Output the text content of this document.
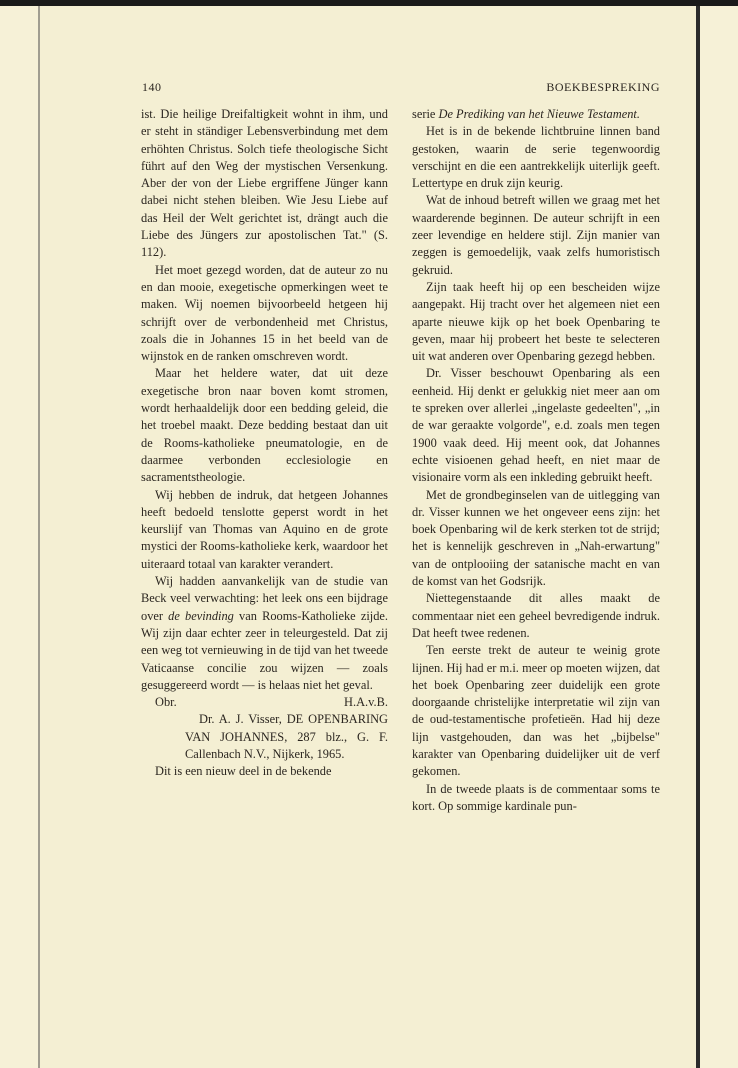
140	BOEKBESPREKING

ist. Die heilige Dreifaltigkeit wohnt in ihm, und er steht in ständiger Lebensverbindung met dem erhöhten Christus. Solch tiefe theologische Sicht führt auf den Weg der mystischen Versenkung. Aber der von der Liebe ergriffene Jünger kann dabei nicht stehen bleiben. Wie Jesu Liebe auf das Heil der Welt gerichtet ist, drängt auch die Liebe des Jüngers zur apostolischen Tat." (S. 112).

Het moet gezegd worden, dat de auteur zo nu en dan mooie, exegetische opmerkingen weet te maken. Wij noemen bijvoorbeeld hetgeen hij schrijft over de verbondenheid met Christus, zoals die in Johannes 15 in het beeld van de wijnstok en de ranken omschreven wordt.

Maar het heldere water, dat uit deze exegetische bron naar boven komt stromen, wordt herhaaldelijk door een bedding geleid, die het troebel maakt. Deze bedding bestaat dan uit de Rooms-katholieke pneumatologie, en de daarmee verbonden ecclesiologie en sacramentstheologie.

Wij hebben de indruk, dat hetgeen Johannes heeft bedoeld tenslotte geperst wordt in het keurslijf van Thomas van Aquino en de grote mystici der Rooms-katholieke kerk, waardoor het uiteraard totaal van karakter verandert.

Wij hadden aanvankelijk van de studie van Beck veel verwachting: het leek ons een bijdrage over de bevinding van Rooms-Katholieke zijde. Wij zijn daar echter zeer in teleurgesteld. Dat zij een weg tot vernieuwing in de tijd van het tweede Vaticaanse concilie zou wijzen — zoals gesuggereerd wordt — is helaas niet het geval.

Obr.	H.A.v.B.

Dr. A. J. Visser, DE OPENBARING VAN JOHANNES, 287 blz., G. F. Callenbach N.V., Nijkerk, 1965.

Dit is een nieuw deel in de bekende

serie De Prediking van het Nieuwe Testament.

Het is in de bekende lichtbruine linnen band gestoken, waarin de serie tegenwoordig verschijnt en die een aantrekkelijk uiterlijk geeft. Lettertype en druk zijn keurig.

Wat de inhoud betreft willen we graag met het waarderende beginnen. De auteur schrijft in een zeer levendige en heldere stijl. Zijn manier van zeggen is gemoedelijk, vaak zelfs humoristisch gekruid.

Zijn taak heeft hij op een bescheiden wijze aangepakt. Hij tracht over het algemeen niet een aparte nieuwe kijk op het boek Openbaring te geven, maar hij probeert het beste te selecteren uit wat anderen over Openbaring gezegd hebben.

Dr. Visser beschouwt Openbaring als een eenheid. Hij denkt er gelukkig niet meer aan om te spreken over allerlei „ingelaste gedeelten", „in de war geraakte volgorde", e.d. zoals men tegen 1900 vaak deed. Hij meent ook, dat Johannes echte visioenen gehad heeft, en niet maar de visionaire vorm als een inkleding gebruikt heeft.

Met de grondbeginselen van de uitlegging van dr. Visser kunnen we het ongeveer eens zijn: het boek Openbaring wil de kerk sterken tot de strijd; het is kennelijk geschreven in „Nah-erwartung" van de ontplooiing der satanische macht en van de komst van het Godsrijk.

Niettegenstaande dit alles maakt de commentaar niet een geheel bevredigende indruk. Dat heeft twee redenen.

Ten eerste trekt de auteur te weinig grote lijnen. Hij had er m.i. meer op moeten wijzen, dat het boek Openbaring zeer duidelijk een grote doorgaande christelijke interpretatie wil zijn van de oud-testamentische profetieën. Had hij deze lijn vastgehouden, dan was het „bijbelse" karakter van Openbaring duidelijker uit de verf gekomen.

In de tweede plaats is de commentaar soms te kort. Op sommige kardinale pun-
